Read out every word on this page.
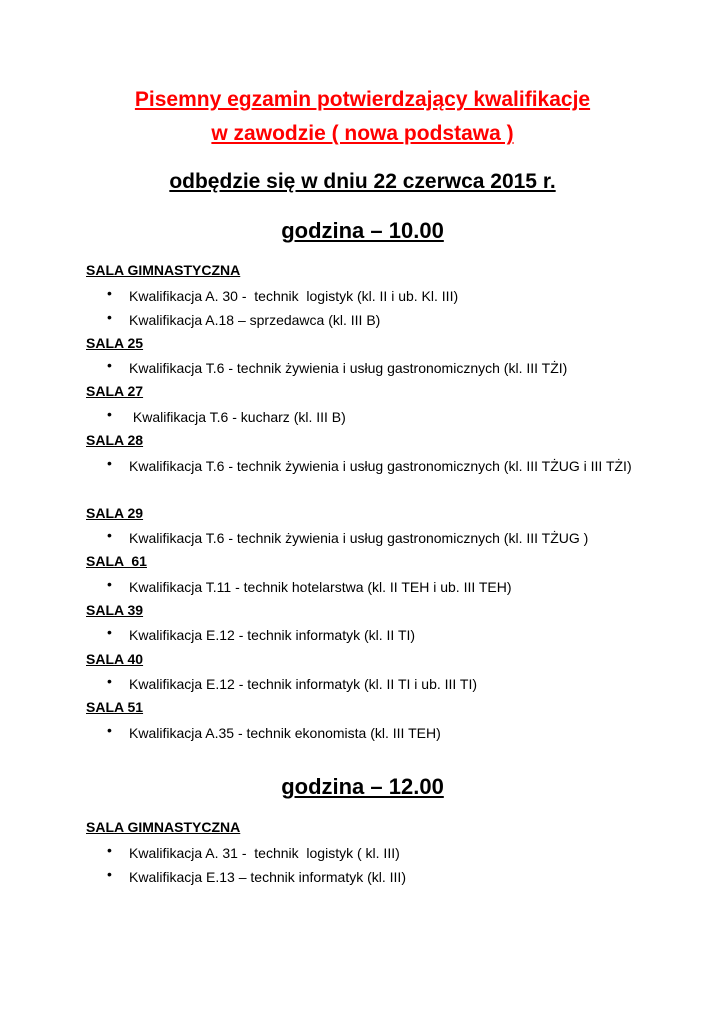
Pisemny egzamin potwierdzający kwalifikacje
w zawodzie ( nowa podstawa )
odbędzie się w dniu 22 czerwca 2015 r.
godzina – 10.00
SALA GIMNASTYCZNA
• Kwalifikacja A. 30 -  technik  logistyk (kl. II i ub. Kl. III)
• Kwalifikacja A.18 – sprzedawca (kl. III B)
SALA 25
• Kwalifikacja T.6 - technik żywienia i usług gastronomicznych (kl. III TŻI)
SALA 27
• Kwalifikacja T.6 - kucharz (kl. III B)
SALA 28
• Kwalifikacja T.6 - technik żywienia i usług gastronomicznych (kl. III TŻUG i III TŻI)
SALA 29
• Kwalifikacja T.6 - technik żywienia i usług gastronomicznych (kl. III TŻUG )
SALA  61
• Kwalifikacja T.11 - technik hotelarstwa (kl. II TEH i ub. III TEH)
SALA 39
• Kwalifikacja E.12 - technik informatyk (kl. II TI)
SALA 40
• Kwalifikacja E.12 - technik informatyk (kl. II TI i ub. III TI)
SALA 51
• Kwalifikacja A.35 - technik ekonomista (kl. III TEH)
godzina – 12.00
SALA GIMNASTYCZNA
• Kwalifikacja A. 31 -  technik  logistyk ( kl. III)
• Kwalifikacja E.13 – technik informatyk (kl. III)
